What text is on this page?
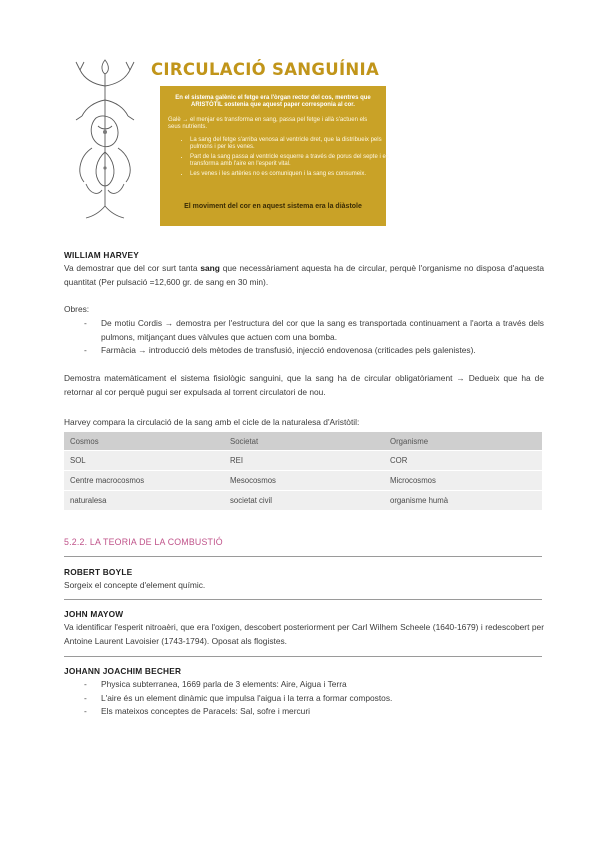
CIRCULACIÓ SANGUÍNIA
En el sistema galènic el fetge era l'òrgan rector del cos, mentres que ARISTÒTIL sostenia que aquest paper corresponia al cor.
Galè → el menjar es transforma en sang, passa pel fetge i allà s'actuen els seus nutrients.
• La sang del fetge s'arriba venosa al ventricle dret, que la distribueix pels pulmons i per les venes.
• Part de la sang passa al ventricle esquerre a través de porus del septe i es transforma amb l'aire en l'esperit vital.
• Les venes i les artèries no es comuniquen i la sang es consumeix.
El moviment del cor en aquest sistema era la diàstole
WILLIAM HARVEY
Va demostrar que del cor surt tanta sang que necessàriament aquesta ha de circular, perquè l'organisme no disposa d'aquesta quantitat (Per pulsació =12,600 gr. de sang en 30 min).
Obres:
- De motiu Cordis → demostra per l'estructura del cor que la sang es transportada continuament a l'aorta a través dels pulmons, mitjançant dues vàlvules que actuen com una bomba.
- Farmàcia → introducció dels mètodes de transfusió, injecció endovenosa (criticades pels galenistes).
Demostra matemàticament el sistema fisiològic sanguini, que la sang ha de circular obligatòriament → Dedueix que ha de retornar al cor perquè pugui ser expulsada al torrent circulatori de nou.
Harvey compara la circulació de la sang amb el cicle de la naturalesa d'Aristòtil:
Cosmos	Societat	Organisme
SOL	REI	COR
Centre macrocosmos	Mesocosmos	Microcosmos
naturalesa	societat civil	organisme humà
5.2.2. LA TEORIA DE LA COMBUSTIÓ
ROBERT BOYLE
Sorgeix el concepte d'element químic.
JOHN MAYOW
Va identificar l'esperit nitroaèri, que era l'oxigen, descobert posteriorment per Carl Wilhem Scheele (1640-1679) i redescobert per Antoine Laurent Lavoisier (1743-1794). Oposat als flogistes.
JOHANN JOACHIM BECHER
- Physica subterranea, 1669 parla de 3 elements: Aire, Aigua i Terra
- L'aire és un element dinàmic que impulsa l'aigua i la terra a formar compostos.
- Els mateixos conceptes de Paracels: Sal, sofre i mercuri
